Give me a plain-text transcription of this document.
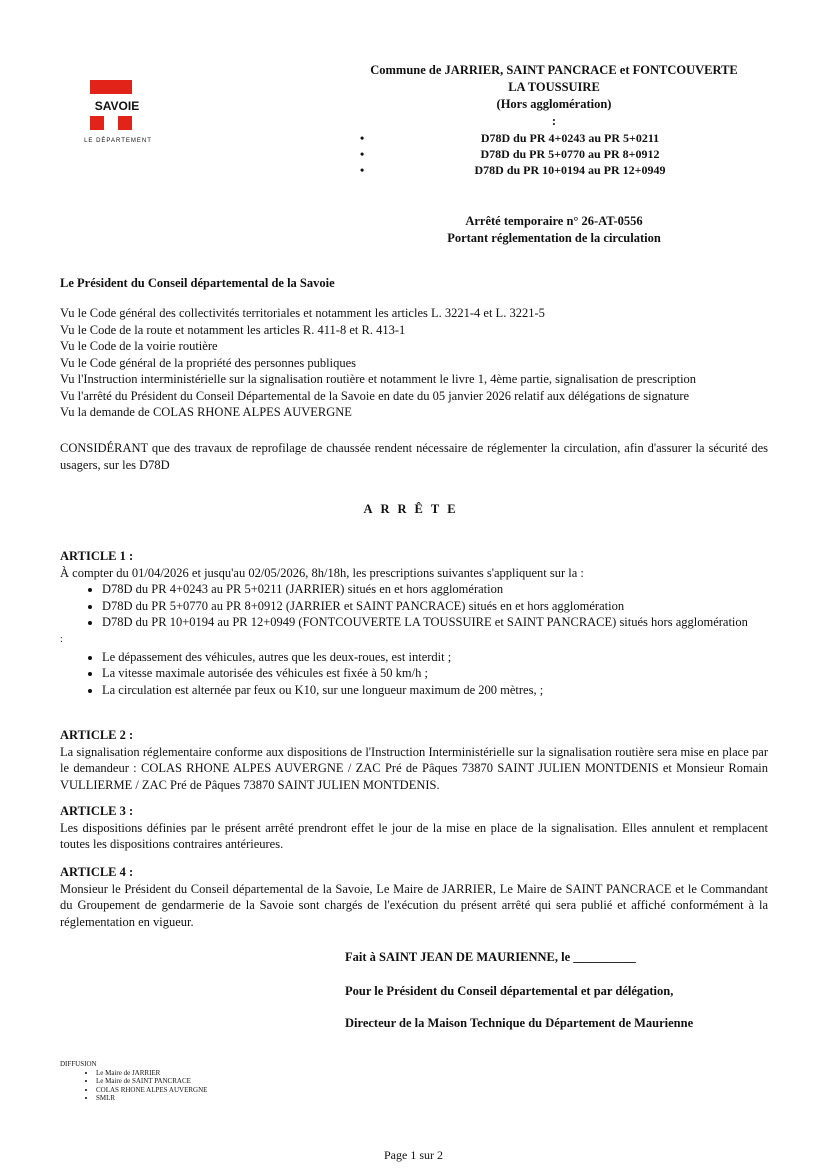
SAVOIE
LE DÉPARTEMENT
Commune de JARRIER, SAINT PANCRACE et FONTCOUVERTE
LA TOUSSUIRE
(Hors agglomération)
:
•	D78D du PR 4+0243 au PR 5+0211
•	D78D du PR 5+0770 au PR 8+0912
•	D78D du PR 10+0194 au PR 12+0949
Arrêté temporaire n° 26-AT-0556
Portant réglementation de la circulation
Le Président du Conseil départemental de la Savoie
Vu le Code général des collectivités territoriales et notamment les articles L. 3221-4 et L. 3221-5
Vu le Code de la route et notamment les articles R. 411-8 et R. 413-1
Vu le Code de la voirie routière
Vu le Code général de la propriété des personnes publiques
Vu l'Instruction interministérielle sur la signalisation routière et notamment le livre 1, 4ème partie, signalisation de prescription
Vu l'arrêté du Président du Conseil Départemental de la Savoie en date du 05 janvier 2026 relatif aux délégations de signature
Vu la demande de COLAS RHONE ALPES AUVERGNE
CONSIDÉRANT que des travaux de reprofilage de chaussée rendent nécessaire de réglementer la circulation, afin d'assurer la sécurité des usagers, sur les D78D
ARRÊTE
ARTICLE 1 :
À compter du 01/04/2026 et jusqu'au 02/05/2026, 8h/18h, les prescriptions suivantes s'appliquent sur la :
• D78D du PR 4+0243 au PR 5+0211 (JARRIER) situés en et hors agglomération
• D78D du PR 5+0770 au PR 8+0912 (JARRIER et SAINT PANCRACE) situés en et hors agglomération
• D78D du PR 10+0194 au PR 12+0949 (FONTCOUVERTE LA TOUSSUIRE et SAINT PANCRACE) situés hors agglomération
:
• Le dépassement des véhicules, autres que les deux-roues, est interdit ;
• La vitesse maximale autorisée des véhicules est fixée à 50 km/h ;
• La circulation est alternée par feux ou K10, sur une longueur maximum de 200 mètres, ;
ARTICLE 2 :
La signalisation réglementaire conforme aux dispositions de l'Instruction Interministérielle sur la signalisation routière sera mise en place par le demandeur : COLAS RHONE ALPES AUVERGNE / ZAC Pré de Pâques 73870 SAINT JULIEN MONTDENIS et Monsieur Romain VULLIERME / ZAC Pré de Pâques 73870 SAINT JULIEN MONTDENIS.
ARTICLE 3 :
Les dispositions définies par le présent arrêté prendront effet le jour de la mise en place de la signalisation. Elles annulent et remplacent toutes les dispositions contraires antérieures.
ARTICLE 4 :
Monsieur le Président du Conseil départemental de la Savoie, Le Maire de JARRIER, Le Maire de SAINT PANCRACE et le Commandant du Groupement de gendarmerie de la Savoie sont chargés de l'exécution du présent arrêté qui sera publié et affiché conformément à la réglementation en vigueur.
Fait à SAINT JEAN DE MAURIENNE, le __________
Pour le Président du Conseil départemental et par délégation,
Directeur de la Maison Technique du Département de Maurienne
DIFFUSION
• Le Maire de JARRIER
• Le Maire de SAINT PANCRACE
• COLAS RHONE ALPES AUVERGNE
• SMLR
Page 1 sur 2
